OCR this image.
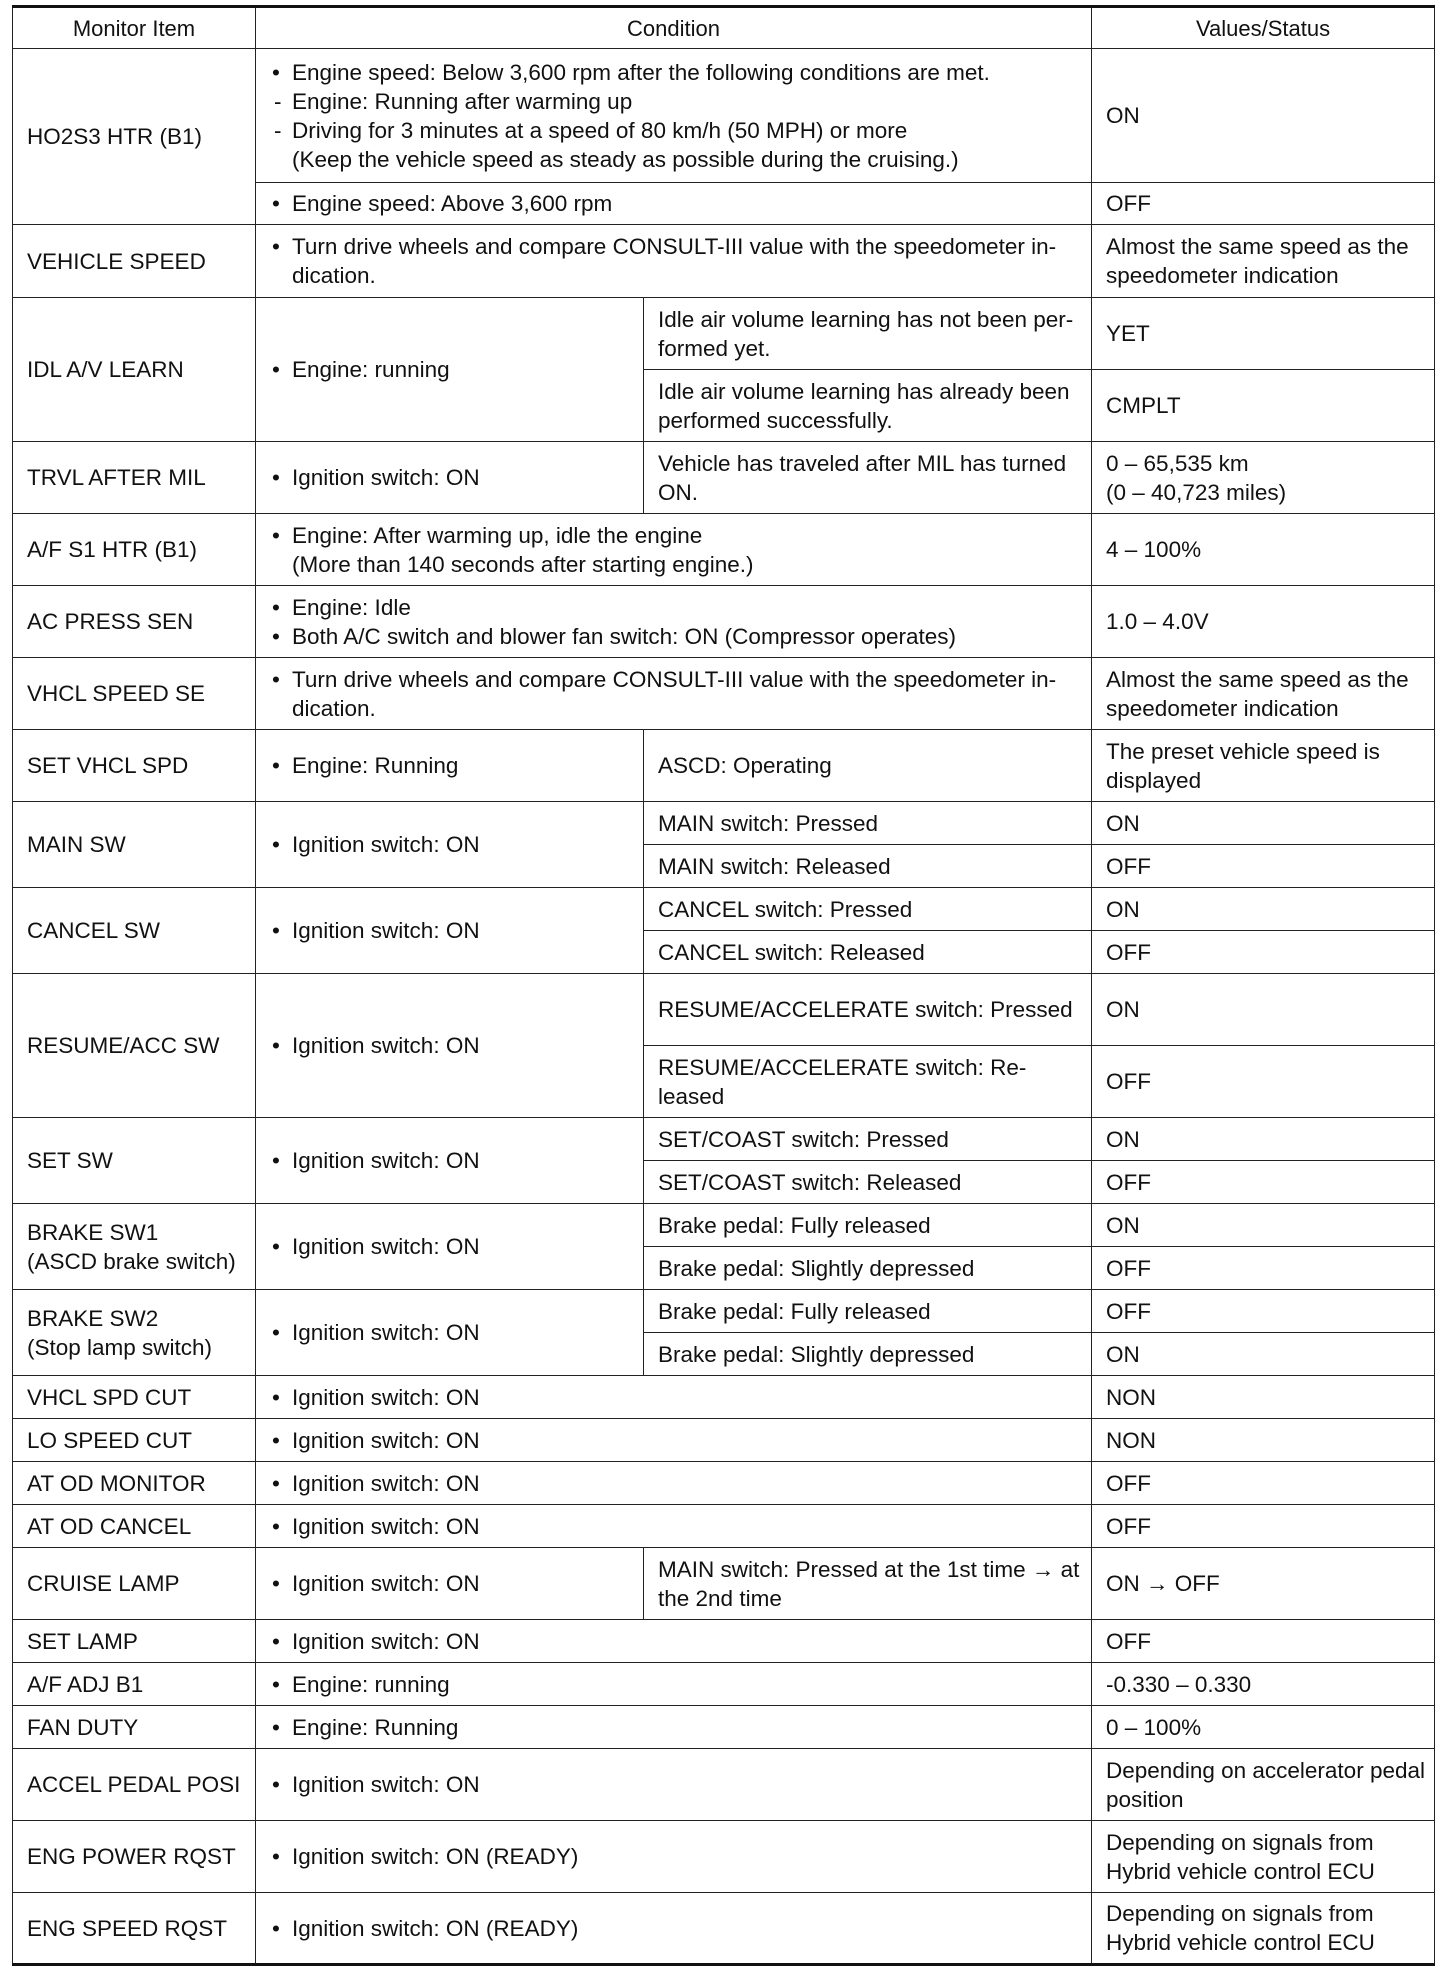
Monitor Item	Condition		Values/Status
HO2S3 HTR (B1)	• Engine speed: Below 3,600 rpm after the following conditions are met.
- Engine: Running after warming up
- Driving for 3 minutes at a speed of 80 km/h (50 MPH) or more
(Keep the vehicle speed as steady as possible during the cruising.)		ON

	• Engine speed: Above 3,600 rpm		OFF
VEHICLE SPEED	• Turn drive wheels and compare CONSULT-III value with the speedometer in-
dication.		Almost the same speed as the speedometer indication
IDL A/V LEARN	• Engine: running	Idle air volume learning has not been per- formed yet.	YET
		Idle air volume learning has already been performed successfully.	CMPLT
TRVL AFTER MIL	• Ignition switch: ON	Vehicle has traveled after MIL has turned ON.	0 – 65,535 km
(0 – 40,723 miles)

A/F S1 HTR (B1)	• Engine: After warming up, idle the engine
(More than 140 seconds after starting engine.)		4 – 100%
AC PRESS SEN	• Engine: Idle
• Both A/C switch and blower fan switch: ON (Compressor operates)		1.0 – 4.0V
VHCL SPEED SE	• Turn drive wheels and compare CONSULT-III value with the speedometer in-
dication.		Almost the same speed as the speedometer indication
SET VHCL SPD	• Engine: Running	ASCD: Operating	The preset vehicle speed is displayed
MAIN SW	• Ignition switch: ON	MAIN switch: Pressed	ON
		MAIN switch: Released	OFF
CANCEL SW	• Ignition switch: ON	CANCEL switch: Pressed	ON
		CANCEL switch: Released	OFF
RESUME/ACC SW	• Ignition switch: ON	RESUME/ACCELERATE switch: Pressed	ON
		RESUME/ACCELERATE switch: Re- leased	OFF
SET SW	• Ignition switch: ON	SET/COAST switch: Pressed	ON
		SET/COAST switch: Released	OFF

BRAKE SW1
(ASCD brake switch)	• Ignition switch: ON	Brake pedal: Fully released	ON
		Brake pedal: Slightly depressed	OFF

BRAKE SW2
(Stop lamp switch)	• Ignition switch: ON	Brake pedal: Fully released	OFF
		Brake pedal: Slightly depressed	ON
VHCL SPD CUT	• Ignition switch: ON		NON
LO SPEED CUT	• Ignition switch: ON		NON
AT OD MONITOR	• Ignition switch: ON		OFF
AT OD CANCEL	• Ignition switch: ON		OFF
CRUISE LAMP	• Ignition switch: ON	MAIN switch: Pressed at the 1st time → at the 2nd time	ON → OFF
SET LAMP	• Ignition switch: ON		OFF
A/F ADJ B1	• Engine: running		-0.330 – 0.330
FAN DUTY	• Engine: Running		0 – 100%
ACCEL PEDAL POSI	• Ignition switch: ON		Depending on accelerator pedal position
ENG POWER RQST	• Ignition switch: ON (READY)		Depending on signals from Hybrid vehicle control ECU
ENG SPEED RQST	• Ignition switch: ON (READY)		Depending on signals from Hybrid vehicle control ECU
